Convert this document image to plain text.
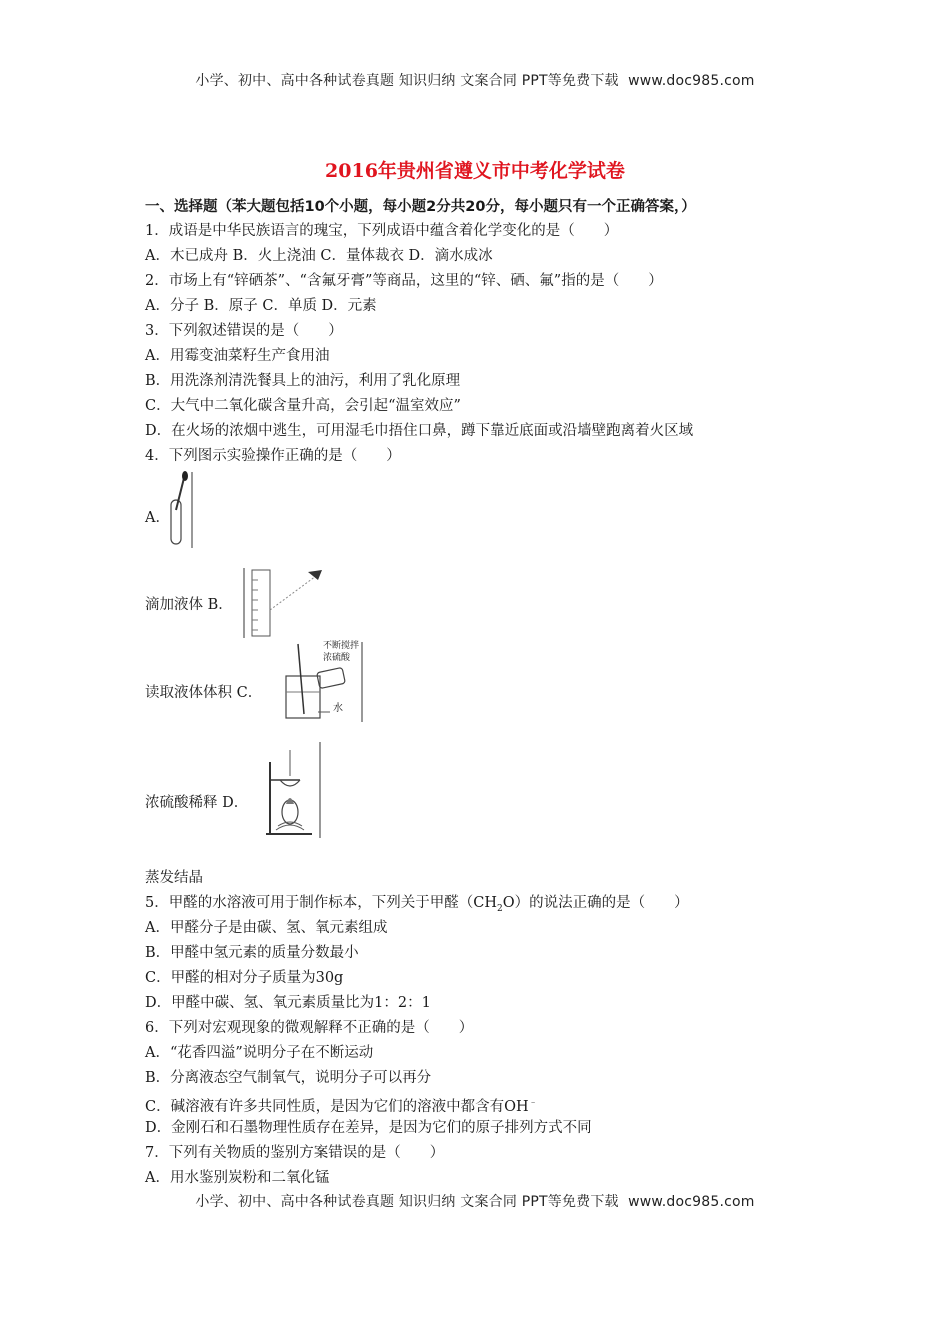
小学、初中、高中各种试卷真题 知识归纳 文案合同 PPT等免费下载 www.doc985.com
2016年贵州省遵义市中考化学试卷
一、选择题（苯大题包括10个小题，每小题2分共20分，每小题只有一个正确答案，）
1．成语是中华民族语言的瑰宝，下列成语中蕴含着化学变化的是（　　）
A．木已成舟 B．火上浇油 C．量体裁衣 D．滴水成冰
2．市场上有“锌硒茶”、“含氟牙膏”等商品，这里的“锌、硒、氟”指的是（　　）
A．分子 B．原子 C．单质 D．元素
3．下列叙述错误的是（　　）
A．用霉变油菜籽生产食用油
B．用洗涤剂清洗餐具上的油污，利用了乳化原理
C．大气中二氧化碳含量升高，会引起“温室效应”
D．在火场的浓烟中逃生，可用湿毛巾捂住口鼻，蹲下靠近底面或沿墙壁跑离着火区域
4．下列图示实验操作正确的是（　　）
A．
滴加液体 B．
读取液体体积 C．
不断搅拌
浓硫酸
水
浓硫酸稀释 D．
蒸发结晶
5．甲醛的水溶液可用于制作标本，下列关于甲醛$(CH_2O)$的说法正确的是（　　）
A．甲醛分子是由碳、氢、氧元素组成
B．甲醛中氢元素的质量分数最小
C．甲醛的相对分子质量为30g
D．甲醛中碳、氢、氧元素质量比为1：2：1
6．下列对宏观现象的微观解释不正确的是（　　）
A．“花香四溢”说明分子在不断运动
B．分离液态空气制氧气，说明分子可以再分
C．碱溶液有许多共同性质，是因为它们的溶液中都含有OH﹣
D．金刚石和石墨物理性质存在差异，是因为它们的原子排列方式不同
7．下列有关物质的鉴别方案错误的是（　　）
A．用水鉴别炭粉和二氧化锰
小学、初中、高中各种试卷真题 知识归纳 文案合同 PPT等免费下载 www.doc985.com
